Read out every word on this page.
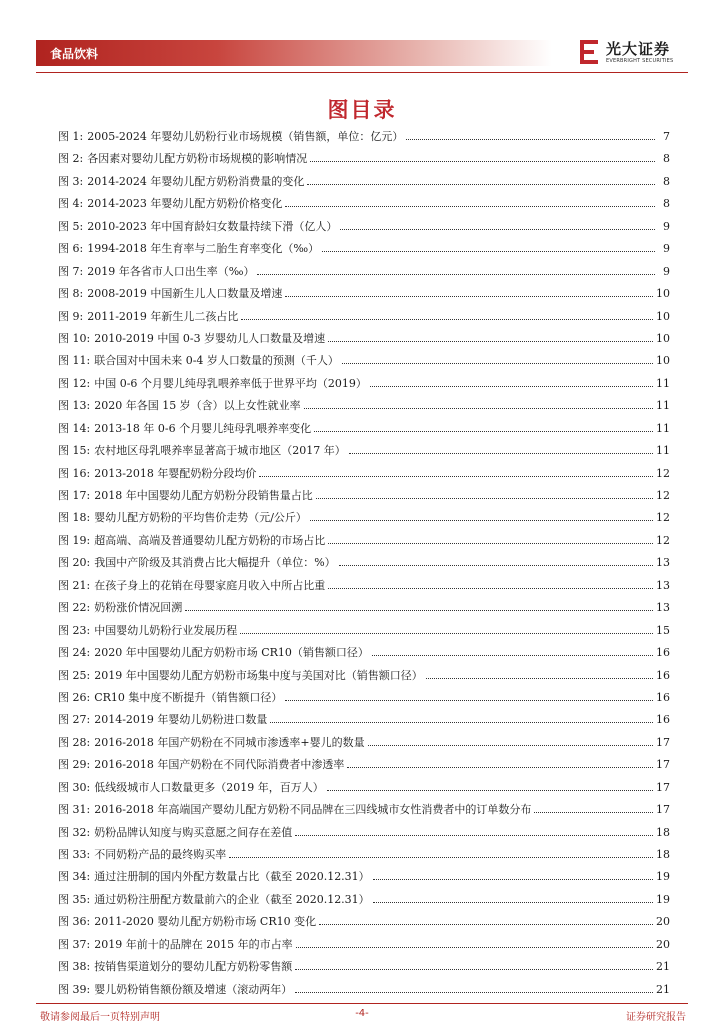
食品饮料	光大证券
EVERBRIGHT SECURITIES
图目录
图 1: 2005-2024 年婴幼儿奶粉行业市场规模（销售额，单位：亿元）	7
图 2: 各因素对婴幼儿配方奶粉市场规模的影响情况	8
图 3: 2014-2024 年婴幼儿配方奶粉消费量的变化	8
图 4: 2014-2023 年婴幼儿配方奶粉价格变化	8
图 5: 2010-2023 年中国育龄妇女数量持续下滑（亿人）	9
图 6: 1994-2018 年生育率与二胎生育率变化（‰）	9
图 7: 2019 年各省市人口出生率（‰）	9
图 8: 2008-2019 中国新生儿人口数量及增速	10
图 9: 2011-2019 年新生儿二孩占比	10
图 10: 2010-2019 中国 0-3 岁婴幼儿人口数量及增速	10
图 11: 联合国对中国未来 0-4 岁人口数量的预测（千人）	10
图 12: 中国 0-6 个月婴儿纯母乳喂养率低于世界平均（2019）	11
图 13: 2020 年各国 15 岁（含）以上女性就业率	11
图 14: 2013-18 年 0-6 个月婴儿纯母乳喂养率变化	11
图 15: 农村地区母乳喂养率显著高于城市地区（2017 年）	11
图 16: 2013-2018 年婴配奶粉分段均价	12
图 17: 2018 年中国婴幼儿配方奶粉分段销售量占比	12
图 18: 婴幼儿配方奶粉的平均售价走势（元/公斤）	12
图 19: 超高端、高端及普通婴幼儿配方奶粉的市场占比	12
图 20: 我国中产阶级及其消费占比大幅提升（单位：%）	13
图 21: 在孩子身上的花销在母婴家庭月收入中所占比重	13
图 22: 奶粉涨价情况回溯	13
图 23: 中国婴幼儿奶粉行业发展历程	15
图 24: 2020 年中国婴幼儿配方奶粉市场 CR10（销售额口径）	16
图 25: 2019 年中国婴幼儿配方奶粉市场集中度与美国对比（销售额口径）	16
图 26: CR10 集中度不断提升（销售额口径）	16
图 27: 2014-2019 年婴幼儿奶粉进口数量	16
图 28: 2016-2018 年国产奶粉在不同城市渗透率+婴儿的数量	17
图 29: 2016-2018 年国产奶粉在不同代际消费者中渗透率	17
图 30: 低线级城市人口数量更多（2019 年，百万人）	17
图 31: 2016-2018 年高端国产婴幼儿配方奶粉不同品牌在三四线城市女性消费者中的订单数分布	17
图 32: 奶粉品牌认知度与购买意愿之间存在差值	18
图 33: 不同奶粉产品的最终购买率	18
图 34: 通过注册制的国内外配方数量占比（截至 2020.12.31）	19
图 35: 通过奶粉注册配方数量前六的企业（截至 2020.12.31）	19
图 36: 2011-2020 婴幼儿配方奶粉市场 CR10 变化	20
图 37: 2019 年前十的品牌在 2015 年的市占率	20
图 38: 按销售渠道划分的婴幼儿配方奶粉零售额	21
图 39: 婴儿奶粉销售额份额及增速（滚动两年）	21
敬请参阅最后一页特别声明	-4-	证券研究报告
